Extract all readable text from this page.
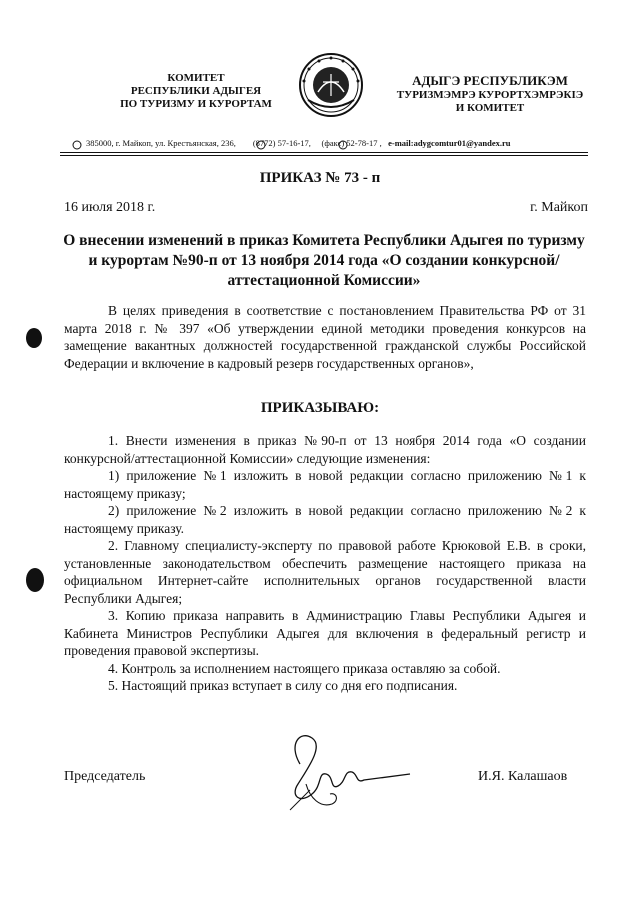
КОМИТЕТ
РЕСПУБЛИКИ АДЫГЕЯ
ПО ТУРИЗМУ И КУРОРТАМ
АДЫГЭ РЕСПУБЛИКЭМ
ТУРИЗМЭМРЭ КУРОРТХЭМРЭКІЭ
И КОМИТЕТ
385000, г. Майкоп, ул. Крестьянская, 236, (8772) 57-16-17, (факс) 52-78-17 , e-mail:adygcomtur01@yandex.ru
ПРИКАЗ № 73 - п
16 июля 2018 г.	г. Майкоп
О внесении изменений в приказ Комитета Республики Адыгея по туризму и курортам №90-п от 13 ноября 2014 года «О создании конкурсной/аттестационной Комиссии»
В целях приведения в соответствие с постановлением Правительства РФ от 31 марта 2018 г. № 397 «Об утверждении единой методики проведения конкурсов на замещение вакантных должностей государственной гражданской службы Российской Федерации и включение в кадровый резерв государственных органов»,
ПРИКАЗЫВАЮ:

1. Внести изменения в приказ №90-п от 13 ноября 2014 года «О создании конкурсной/аттестационной Комиссии» следующие изменения:

1) приложение №1 изложить в новой редакции согласно приложению №1 к настоящему приказу;

2) приложение №2 изложить в новой редакции согласно приложению №2 к настоящему приказу.

2. Главному специалисту-эксперту по правовой работе Крюковой Е.В. в сроки, установленные законодательством обеспечить размещение настоящего приказа на официальном Интернет-сайте исполнительных органов государственной власти Республики Адыгея;

3. Копию приказа направить в Администрацию Главы Республики Адыгея и Кабинета Министров Республики Адыгея для включения в федеральный регистр и проведения правовой экспертизы.

4. Контроль за исполнением настоящего приказа оставляю за собой.

5. Настоящий приказ вступает в силу со дня его подписания.

Председатель	И.Я. Калашаов
